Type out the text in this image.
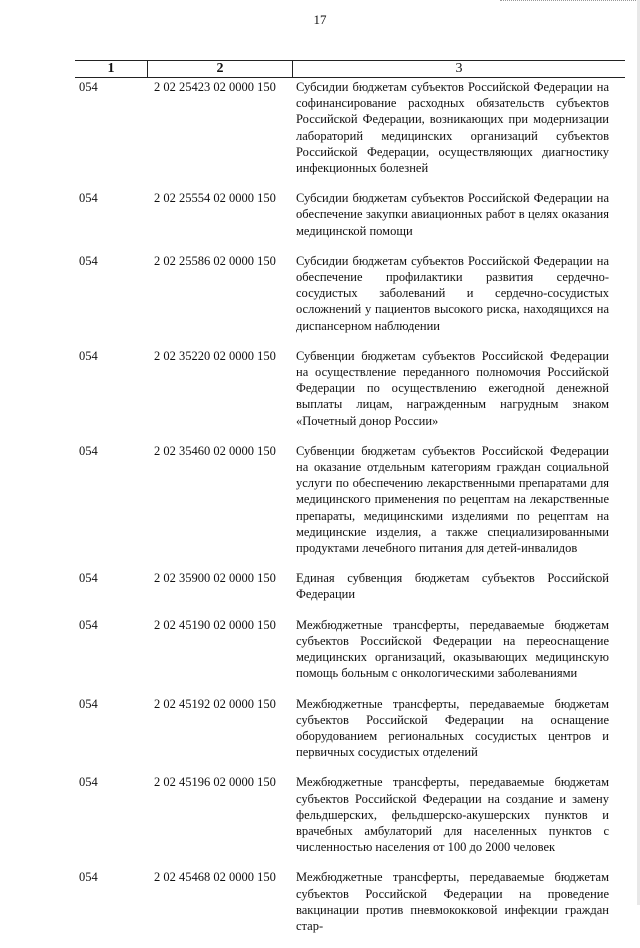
17
1	2	3
054	2 02 25423 02 0000 150 Субсидии бюджетам субъектов Российской Федерации на софинансирование расходных обязательств субъектов Российской Федерации, возникающих при модернизации лабораторий медицинских организаций субъектов Российской Федерации, осуществляющих диагностику инфекционных болезней
054	2 02 25554 02 0000 150 Субсидии бюджетам субъектов Российской Федерации на обеспечение закупки авиационных работ в целях оказания медицинской помощи
054	2 02 25586 02 0000 150 Субсидии бюджетам субъектов Российской Федерации на обеспечение профилактики развития сердечно-сосудистых заболеваний и сердечно-сосудистых осложнений у пациентов высокого риска, находящихся на диспансерном наблюдении
054	2 02 35220 02 0000 150 Субвенции бюджетам субъектов Российской Федерации на осуществление переданного полномочия Российской Федерации по осуществлению ежегодной денежной выплаты лицам, награжденным нагрудным знаком «Почетный донор России»
054	2 02 35460 02 0000 150 Субвенции бюджетам субъектов Российской Федерации на оказание отдельным категориям граждан социальной услуги по обеспечению лекарственными препаратами для медицинского применения по рецептам на лекарственные препараты, медицинскими изделиями по рецептам на медицинские изделия, а также специализированными продуктами лечебного питания для детей-инвалидов
054	2 02 35900 02 0000 150 Единая субвенция бюджетам субъектов Российской Федерации
054	2 02 45190 02 0000 150 Межбюджетные трансферты, передаваемые бюджетам субъектов Российской Федерации на переоснащение медицинских организаций, оказывающих медицинскую помощь больным с онкологическими заболеваниями
054	2 02 45192 02 0000 150 Межбюджетные трансферты, передаваемые бюджетам субъектов Российской Федерации на оснащение оборудованием региональных сосудистых центров и первичных сосудистых отделений
054	2 02 45196 02 0000 150 Межбюджетные трансферты, передаваемые бюджетам субъектов Российской Федерации на создание и замену фельдшерских, фельдшерско-акушерских пунктов и врачебных амбулаторий для населенных пунктов с численностью населения от 100 до 2000 человек
054	2 02 45468 02 0000 150 Межбюджетные трансферты, передаваемые бюджетам субъектов Российской Федерации на проведение вакцинации против пневмококковой инфекции граждан стар-
